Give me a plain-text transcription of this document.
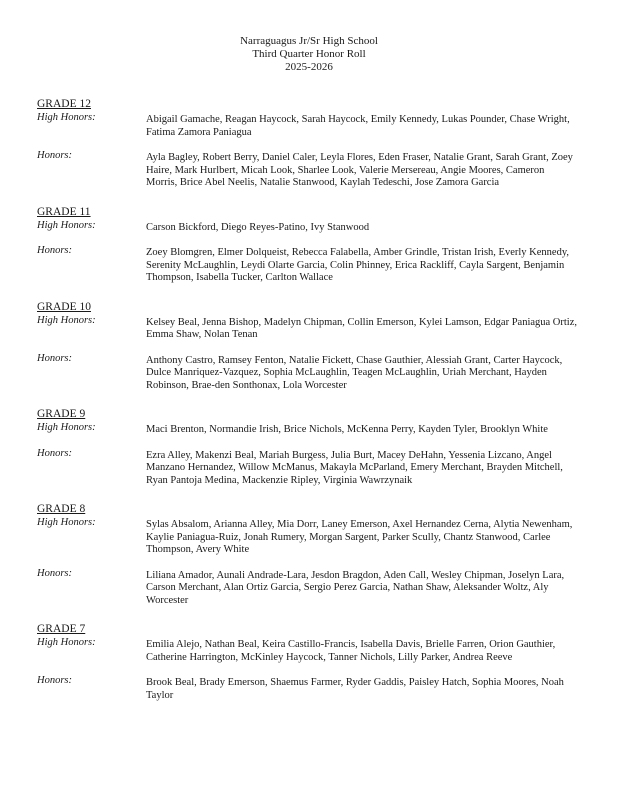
Narraguagus Jr/Sr High School
Third Quarter Honor Roll
2025-2026
GRADE 12
High Honors:	Abigail Gamache, Reagan Haycock, Sarah Haycock, Emily Kennedy, Lukas Pounder, Chase Wright, Fatima Zamora Paniagua
Honors:	Ayla Bagley, Robert Berry, Daniel Caler, Leyla Flores, Eden Fraser, Natalie Grant, Sarah Grant, Zoey Haire, Mark Hurlbert, Micah Look, Sharlee Look, Valerie Mersereau, Angie Moores, Cameron Morris, Brice Abel Neelis, Natalie Stanwood, Kaylah Tedeschi, Jose Zamora Garcia
GRADE 11
High Honors:	Carson Bickford, Diego Reyes-Patino, Ivy Stanwood
Honors:	Zoey Blomgren, Elmer Dolqueist, Rebecca Falabella, Amber Grindle, Tristan Irish, Everly Kennedy, Serenity McLaughlin, Leydi Olarte Garcia, Colin Phinney, Erica Rackliff, Cayla Sargent, Benjamin Thompson, Isabella Tucker, Carlton Wallace
GRADE 10
High Honors:	Kelsey Beal, Jenna Bishop, Madelyn Chipman, Collin Emerson, Kylei Lamson, Edgar Paniagua Ortiz, Emma Shaw, Nolan Tenan
Honors:	Anthony Castro, Ramsey Fenton, Natalie Fickett, Chase Gauthier, Alessiah Grant, Carter Haycock, Dulce Manriquez-Vazquez, Sophia McLaughlin, Teagen McLaughlin, Uriah Merchant, Hayden Robinson, Brae-den Sonthonax, Lola Worcester
GRADE 9
High Honors:	Maci Brenton, Normandie Irish, Brice Nichols, McKenna Perry, Kayden Tyler, Brooklyn White
Honors:	Ezra Alley, Makenzi Beal, Mariah Burgess, Julia Burt, Macey DeHahn, Yessenia Lizcano, Angel Manzano Hernandez, Willow McManus, Makayla McParland, Emery Merchant, Brayden Mitchell, Ryan Pantoja Medina, Mackenzie Ripley, Virginia Wawrzynaik
GRADE 8
High Honors:	Sylas Absalom, Arianna Alley, Mia Dorr, Laney Emerson, Axel Hernandez Cerna, Alytia Newenham, Kaylie Paniagua-Ruiz, Jonah Rumery, Morgan Sargent, Parker Scully, Chantz Stanwood, Carlee Thompson, Avery White
Honors:	Liliana Amador, Aunali Andrade-Lara, Jesdon Bragdon, Aden Call, Wesley Chipman, Joselyn Lara, Carson Merchant, Alan Ortiz Garcia, Sergio Perez Garcia, Nathan Shaw, Aleksander Woltz, Aly Worcester
GRADE 7
High Honors:	Emilia Alejo, Nathan Beal, Keira Castillo-Francis, Isabella Davis, Brielle Farren, Orion Gauthier, Catherine Harrington, McKinley Haycock, Tanner Nichols, Lilly Parker, Andrea Reeve
Honors:	Brook Beal, Brady Emerson, Shaemus Farmer, Ryder Gaddis, Paisley Hatch, Sophia Moores, Noah Taylor
